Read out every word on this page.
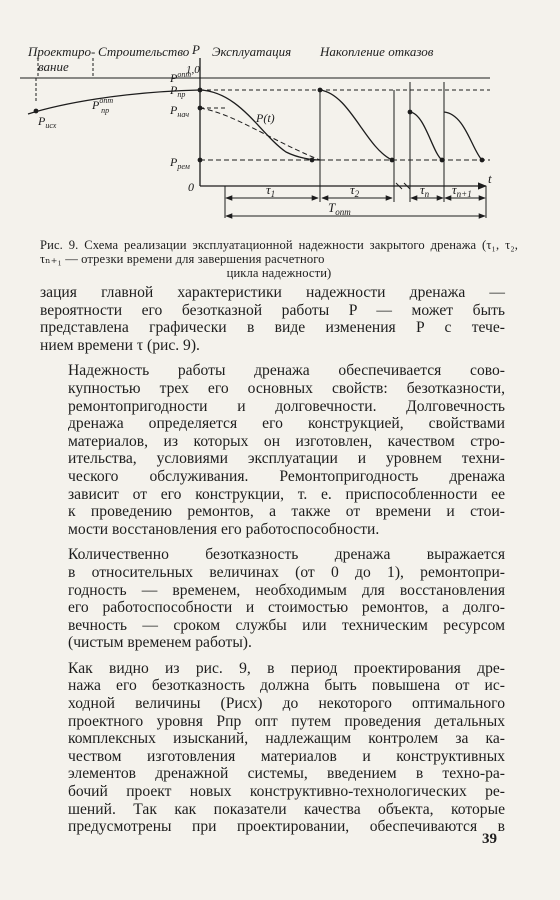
Проектиро-
вание
Строительство Эксплуатация Накопление отказов
P
1,0
0
t
$P^{опт}$
$P_{пр}$
$P_{нач}$
$P_{рем}$
$P_{исх}$
$P^{опт}$ пр
P(t)
$\tau_1$	$\tau_2$	$\tau_n$ $\tau_{n+1}$
$T_{опт}$
Рис. 9. Схема реализации эксплуатационной надежности закрытого дренажа (τ₁, τ₂, τₙ₊₁ — отрезки времени для завершения расчетного
цикла надежности)

зация главной характеристики надежности дренажа —
вероятности его безотказной работы P — может быть
представлена графически в виде изменения P с тече-
нием времени τ (рис. 9).

Надежность работы дренажа обеспечивается сово-
купностью трех его основных свойств: безотказности,
ремонтопригодности и долговечности. Долговечность
дренажа определяется его конструкцией, свойствами
материалов, из которых он изготовлен, качеством стро-
ительства, условиями эксплуатации и уровнем техни-
ческого обслуживания. Ремонтопригодность дренажа
зависит от его конструкции, т. е. приспособленности ее
к проведению ремонтов, а также от времени и стои-
мости восстановления его работоспособности.

Количественно безотказность дренажа выражается
в относительных величинах (от 0 до 1), ремонтопри-
годность — временем, необходимым для восстановления
его работоспособности и стоимостью ремонтов, а долго-
вечность — сроком службы или техническим ресурсом
(чистым временем работы).

Как видно из рис. 9, в период проектирования дре-
нажа его безотказность должна быть повышена от ис-
ходной величины (Pисх) до некоторого оптимального
проектного уровня Pпр опт путем проведения детальных
комплексных изысканий, надлежащим контролем за ка-
чеством изготовления материалов и конструктивных
элементов дренажной системы, введением в техно-ра-
бочий проект новых конструктивно-технологических ре-
шений. Так как показатели качества объекта, которые
предусмотрены при проектировании, обеспечиваются в

39
